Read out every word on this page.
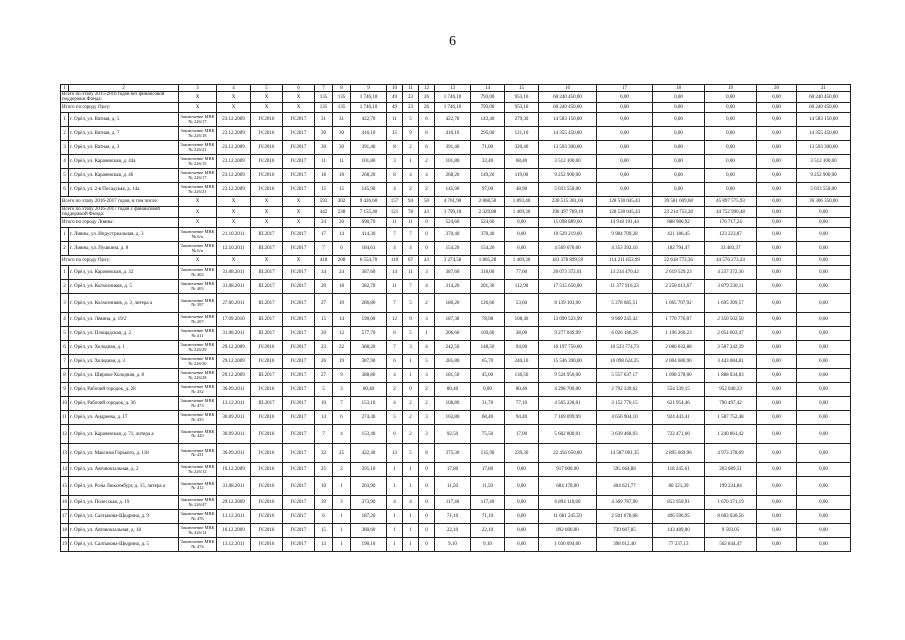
6
1	2	3	4	5	6	7	8	9	10	11	12	13	14	15	16	17	18	19	20	21
Всего по этапу 2015-2016 годов без финансовой поддержки Фонда:		X	X	X	X	135	135	1 746,10	49	23	26	1 746,10	793,00	953,10	60 240 450,00	0,00	0,00	0,00	0,00	60 240 450,00
Итого по городу Орлу:		X	X	X	X	135	135	1 746,10	49	23	26	1 746,10	793,00	953,10	60 240 450,00	0,00	0,00	0,00	0,00	60 240 450,00
1	г. Орёл, ул. Ватная, д. 5	Заключение МВК № 226/17	23.12.2009	IV.2016	IV.2017	31	31	422,70	11	5	6	422,70	143,40	279,30	14 583 150,00	0,00	0,00	0,00	0,00	14 583 150,00
2	г. Орёл, ул. Ватная, д. 7	Заключение МВК № 226/18	23.12.2009	IV.2016	IV.2017	30	30	416,10	15	9	6	416,10	295,00	121,10	14 355 450,00	0,00	0,00	0,00	0,00	14 355 450,00
3	г. Орёл, ул. Ватная, д. 3	Заключение МВК № 226/21	23.12.2009	IV.2016	IV.2017	30	30	391,40	8	2	6	391,40	71,00	320,40	13 503 300,00	0,00	0,00	0,00	0,00	13 503 300,00
4	г. Орёл, ул. Карачевская, д. 44а	Заключение МВК № 226/15	23.12.2009	IV.2016	IV.2017	11	11	101,80	3	1	2	101,80	33,40	68,40	3 512 100,00	0,00	0,00	0,00	0,00	3 512 100,00
5	г. Орёл, ул. Карачевская, д. 46	Заключение МВК № 226/17	23.12.2009	IV.2016	IV.2017	18	18	268,20	8	4	4	268,20	149,20	119,00	9 252 900,00	0,00	0,00	0,00	0,00	9 252 900,00
6	г. Орёл, ул. 2-я Посадская, д. 14а	Заключение МВК № 226/21	23.12.2009	IV.2016	IV.2017	15	15	145,90	4	2	2	145,90	97,00	48,90	5 033 550,00	0,00	0,00	0,00	0,00	5 033 550,00
Всего по этапу 2016-2017 годов, в том числе:		X	X	X	X	593	302	9 426,60	157	94	50	4 761,90	2 868,50	1 893,40	230 515 361,04	128 530 045,43	39 581 609,68	45 897 575,93	0,00	36 306 350,00
Всего по этапу 2016-2017 годов с финансовой поддержкой Фонда:		X	X	X	X	442	238	7 155,40	121	78	43	3 799,18	2 329,88	1 469,30	196 497 789,19	128 530 045,43	23 214 753,28	44 752 990,48	0,00	0,00
Итого по городу Ливны:		X	X	X	X	24	20	690,70	11	11	0	524,60	524,60	0,00	15 098 889,60	14 918 191,44	888 980,92	176 717,24	0,00	0,00
1	г. Ливны, ул. Индустриальная, д. 3	Заключение МВК № 6/п	21.10.2011	III.2017	IV.2017	17	14	414,30	7	7	0	370,40	370,40	0,00	10 529 219,60	9 984 709,28	421 186,45	123 223,87	0,00	0,00
2	г. Ливны, ул. Пушкина, д. 8	Заключение МВК № 6/п	12.10.2011	III.2017	IV.2017	7	6	184,61	4	4	0	154,20	154,20	0,00	4 569 670,00	4 353 392,16	182 794,47	33 483,37	0,00	0,00
Итого по городу Орлу:		X	X	X	X	418	208	6 554,70	110	67	43	3 274,58	1 805,28	1 469,30	181 378 899,59	114 211 853,99	22 618 772,36	44 576 273,24	0,00	0,00
1	г. Орёл, ул. Карачевская, д. 32	Заключение МВК № 402	31.08.2011	III.2017	IV.2017	34	24	387,60	14	11	3	387,60	310,00	77,60	20 073 372,01	13 214 470,42	2 619 529,23	4 237 372,36	0,00	0,00
2	г. Орёл, ул. Колхозников, д. 5	Заключение МВК № 403	31.08.2011	III.2017	IV.2017	20	18	382,70	11	7	4	314,20	201,30	112,90	17 515 650,00	11 377 916,23	2 258 613,67	3 879 230,11	0,00	0,00
3	г. Орёл, ул. Колхозников, д. 3, литера а	Заключение МВК № 397	27.06.2011	III.2017	IV.2017	27	19	286,80	7	5	2	180,20	126,60	53,60	8 139 103,00	5 378 685,51	1 065 707,92	1 695 309,57	0,00	0,00
4	г. Орёл, ул. Левина, д. 19/2	Заключение МВК № 207	17.09.2010	III.2017	IV.2017	15	14	190,00	12	9	3	187,38	78,98	108,40	13 090 523,99	9 969 245,42	1 770 776,07	2 350 502,50	0,00	0,00
5	г. Орёл, ул. Площадская, д. 2	Заключение МВК № 411	31.08.2011	III.2017	IV.2017	20	12	577,70	6	5	1	206,60	169,60	38,00	9 277 049,99	6 026 186,29	1 196 260,23	2 054 603,47	0,00	0,00
6	г. Орёл, ул. Холодная, д. 1	Заключение МВК № 226/29	29.12.2009	IV.2016	IV.2017	23	22	388,20	7	3	4	242,50	148,50	94,00	16 197 750,00	10 523 774,73	2 086 632,88	3 587 342,39	0,00	0,00
7	г. Орёл, ул. Холодная, д. 3	Заключение МВК № 226/30	29.12.2009	IV.2016	IV.2017	26	19	387,90	6	1	5	285,80	65,70	240,10	15 546 390,00	10 098 624,25	2 004 680,90	3 443 084,81	0,00	0,00
8	г. Орёл, ул. Широко-Холодная, д. 8	Заключение МВК № 226/28	29.12.2009	III.2017	IV.2017	27	9	388,80	4	1	3	181,50	45,00	136,50	9 524 950,00	5 557 637,17	1 098 278,00	1 888 034,83	0,00	0,00
9	г. Орёл, Рабочий городок, д. 28	Заключение МВК № 432	30.09.2011	IV.2016	IV.2017	5	3	80,40	2	0	2	80,40	0,00	80,40	4 298 700,00	2 792 349,62	554 339,15	952 040,23	0,00	0,00
10	г. Орёл, Рабочий городок, д. 36	Заключение МВК № 473	13.12.2011	III.2017	IV.2017	10	7	153,10	4	2	2	108,80	31,70	77,10	4 565 228,01	3 152 776,15	621 954,46	790 497,42	0,00	0,00
11	г. Орёл, ул. Андреева, д. 17	Заключение МВК № 435	30.09.2011	IV.2016	IV.2017	14	6	274,40	5	2	3	162,80	68,40	94,40	7 169 099,99	4 656 904,10	924 443,41	1 587 752,48	0,00	0,00
12	г. Орёл, ул. Карачевская, д. 71, литера а	Заключение МВК № 420	30.09.2011	IV.2016	IV.2017	7	4	153,40	6	2	3	92,50	75,50	17,00	5 602 800,01	3 639 468,93	722 471,66	1 240 861,42	0,00	0,00
13	г. Орёл, ул. Максима Горького, д. 118	Заключение МВК № 431	30.09.2011	IV.2016	IV.2017	32	25	422,40	13	5	8	375,30	135,90	239,30	22 456 050,00	14 587 001,35	2 895 669,96	4 973 378,69	0,00	0,00
14	г. Орёл, ул. Автовокзальная, д. 2	Заключение МВК № 226/12	16.12.2009	IV.2016	IV.2017	25	2	395,10	1	1	0	17,80	17,80	0,00	917 000,00	595 664,88	118 245,61	203 089,51	0,00	0,00
15	г. Орёл, ул. Розы Люксембург, д. 15, литера а	Заключение МВК № 412	31.08.2011	IV.2016	IV.2017	10	1	203,90	1	1	0	11,50	11,50	0,00	684 178,00	404 621,77	80 321,39	199 234,84	0,00	0,00
16	г. Орёл, ул. Полесская, д. 19	Заключение МВК № 226/47	29.12.2009	IV.2016	IV.2017	39	3	373,90	4	4	0	117,40	117,40	0,00	6 894 110,00	4 369 787,90	853 950,91	1 670 371,19	0,00	0,00
17	г. Орёл, ул. Салтыкова-Щедрина, д. 9	Заключение МВК № 476	13.12.2011	IV.2016	IV.2017	6	1	187,20	1	1	0	71,10	71,10	0,00	11 681 245,59	2 501 678,08	496 596,95	8 683 030,56	0,00	0,00
18	г. Орёл, ул. Автовокзальная, д. 18	Заключение МВК № 226/14	16.12.2009	IV.2016	IV.2017	15	1	380,60	1	1	0	22,10	22,10	0,00	892 600,00	739 607,85	143 489,00	9 503,05	0,00	0,00
19	г. Орёл, ул. Салтыкова-Щедрина, д. 5	Заключение МВК № 474	13.12.2011	IV.2016	IV.2017	13	1	190,10	1	1	0	9,10	9,10	0,00	1 030 094,00	398 012,40	77 237,13	562 844,47	0,00	0,00
